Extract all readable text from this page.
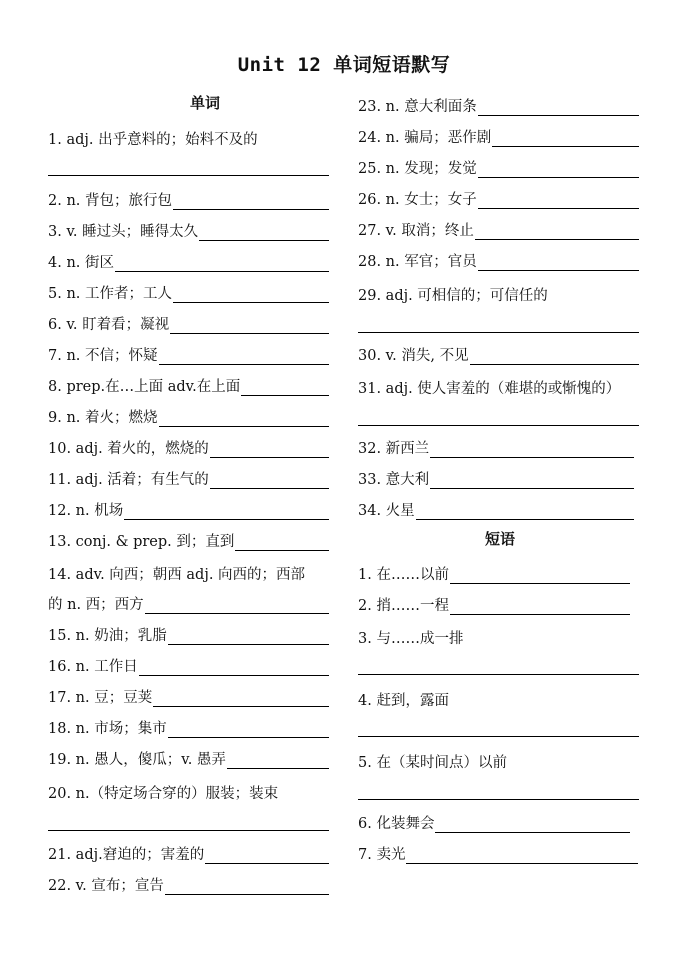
Unit 12 单词短语默写
单词
1. adj. 出乎意料的；始料不及的
2. n. 背包；旅行包
3. v. 睡过头；睡得太久
4. n. 街区
5. n. 工作者；工人
6. v. 盯着看；凝视
7. n. 不信；怀疑
8. prep.在…上面 adv.在上面
9. n. 着火；燃烧
10. adj. 着火的，燃烧的
11. adj. 活着；有生气的
12. n. 机场
13. conj. & prep. 到；直到
14. adv. 向西；朝西 adj. 向西的；西部
的 n. 西；西方
15. n. 奶油；乳脂
16. n. 工作日
17. n. 豆；豆荚
18. n. 市场；集市
19. n. 愚人，傻瓜；v. 愚弄
20. n.（特定场合穿的）服装；装束
21. adj.窘迫的；害羞的
22. v. 宣布；宣告
23. n. 意大利面条
24. n. 骗局；恶作剧
25. n. 发现；发觉
26. n. 女士；女子
27. v. 取消；终止
28. n. 军官；官员
29. adj. 可相信的；可信任的
30. v. 消失, 不见
31. adj. 使人害羞的（难堪的或惭愧的）
32. 新西兰
33. 意大利
34. 火星
短语
1. 在……以前
2. 捎……一程
3. 与……成一排
4. 赶到，露面
5. 在（某时间点）以前
6. 化装舞会
7. 卖光
